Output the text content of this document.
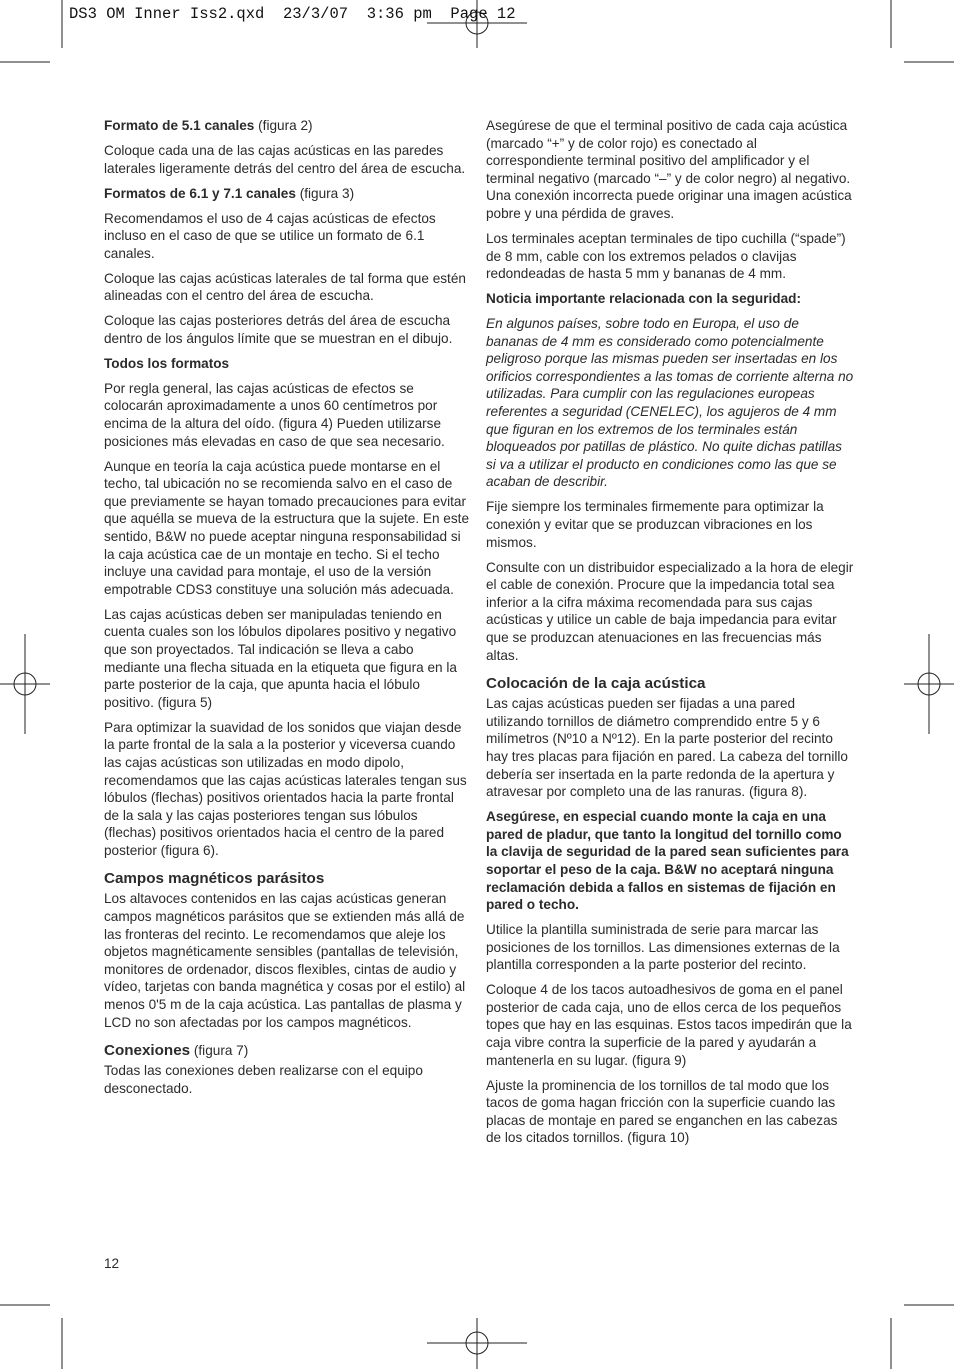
DS3 OM Inner Iss2.qxd 23/3/07 3:36 pm Page 12

Formato de 5.1 canales (figura 2)

Coloque cada una de las cajas acústicas en las paredes laterales ligeramente detrás del centro del área de escucha.

Formatos de 6.1 y 7.1 canales (figura 3)

Recomendamos el uso de 4 cajas acústicas de efectos incluso en el caso de que se utilice un formato de 6.1 canales.

Coloque las cajas acústicas laterales de tal forma que estén alineadas con el centro del área de escucha.

Coloque las cajas posteriores detrás del área de escucha dentro de los ángulos límite que se muestran en el dibujo.

Todos los formatos

Por regla general, las cajas acústicas de efectos se colocarán aproximadamente a unos 60 centímetros por encima de la altura del oído. (figura 4) Pueden utilizarse posiciones más elevadas en caso de que sea necesario.

Aunque en teoría la caja acústica puede montarse en el techo, tal ubicación no se recomienda salvo en el caso de que previamente se hayan tomado precauciones para evitar que aquélla se mueva de la estructura que la sujete. En este sentido, B&W no puede aceptar ninguna responsabilidad si la caja acústica cae de un montaje en techo. Si el techo incluye una cavidad para montaje, el uso de la versión empotrable CDS3 constituye una solución más adecuada.

Las cajas acústicas deben ser manipuladas teniendo en cuenta cuales son los lóbulos dipolares positivo y negativo que son proyectados. Tal indicación se lleva a cabo mediante una flecha situada en la etiqueta que figura en la parte posterior de la caja, que apunta hacia el lóbulo positivo. (figura 5)

Para optimizar la suavidad de los sonidos que viajan desde la parte frontal de la sala a la posterior y viceversa cuando las cajas acústicas son utilizadas en modo dipolo, recomendamos que las cajas acústicas laterales tengan sus lóbulos (flechas) positivos orientados hacia la parte frontal de la sala y las cajas posteriores tengan sus lóbulos (flechas) positivos orientados hacia el centro de la pared posterior (figura 6).

Campos magnéticos parásitos

Los altavoces contenidos en las cajas acústicas generan campos magnéticos parásitos que se extienden más allá de las fronteras del recinto. Le recomendamos que aleje los objetos magnéticamente sensibles (pantallas de televisión, monitores de ordenador, discos flexibles, cintas de audio y vídeo, tarjetas con banda magnética y cosas por el estilo) al menos 0'5 m de la caja acústica. Las pantallas de plasma y LCD no son afectadas por los campos magnéticos.

Conexiones (figura 7)

Todas las conexiones deben realizarse con el equipo desconectado.

Asegúrese de que el terminal positivo de cada caja acústica (marcado “+” y de color rojo) es conectado al correspondiente terminal positivo del amplificador y el terminal negativo (marcado “–” y de color negro) al negativo. Una conexión incorrecta puede originar una imagen acústica pobre y una pérdida de graves.

Los terminales aceptan terminales de tipo cuchilla (“spade”) de 8 mm, cable con los extremos pelados o clavijas redondeadas de hasta 5 mm y bananas de 4 mm.

Noticia importante relacionada con la seguridad:

En algunos países, sobre todo en Europa, el uso de bananas de 4 mm es considerado como potencialmente peligroso porque las mismas pueden ser insertadas en los orificios correspondientes a las tomas de corriente alterna no utilizadas. Para cumplir con las regulaciones europeas referentes a seguridad (CENELEC), los agujeros de 4 mm que figuran en los extremos de los terminales están bloqueados por patillas de plástico. No quite dichas patillas si va a utilizar el producto en condiciones como las que se acaban de describir.

Fije siempre los terminales firmemente para optimizar la conexión y evitar que se produzcan vibraciones en los mismos.

Consulte con un distribuidor especializado a la hora de elegir el cable de conexión. Procure que la impedancia total sea inferior a la cifra máxima recomendada para sus cajas acústicas y utilice un cable de baja impedancia para evitar que se produzcan atenuaciones en las frecuencias más altas.

Colocación de la caja acústica

Las cajas acústicas pueden ser fijadas a una pared utilizando tornillos de diámetro comprendido entre 5 y 6 milímetros (Nº10 a Nº12). En la parte posterior del recinto hay tres placas para fijación en pared. La cabeza del tornillo debería ser insertada en la parte redonda de la apertura y atravesar por completo una de las ranuras. (figura 8).

Asegúrese, en especial cuando monte la caja en una pared de pladur, que tanto la longitud del tornillo como la clavija de seguridad de la pared sean suficientes para soportar el peso de la caja. B&W no aceptará ninguna reclamación debida a fallos en sistemas de fijación en pared o techo.

Utilice la plantilla suministrada de serie para marcar las posiciones de los tornillos. Las dimensiones externas de la plantilla corresponden a la parte posterior del recinto.

Coloque 4 de los tacos autoadhesivos de goma en el panel posterior de cada caja, uno de ellos cerca de los pequeños topes que hay en las esquinas. Estos tacos impedirán que la caja vibre contra la superficie de la pared y ayudarán a mantenerla en su lugar. (figura 9)

Ajuste la prominencia de los tornillos de tal modo que los tacos de goma hagan fricción con la superficie cuando las placas de montaje en pared se enganchen en las cabezas de los citados tornillos. (figura 10)

12
